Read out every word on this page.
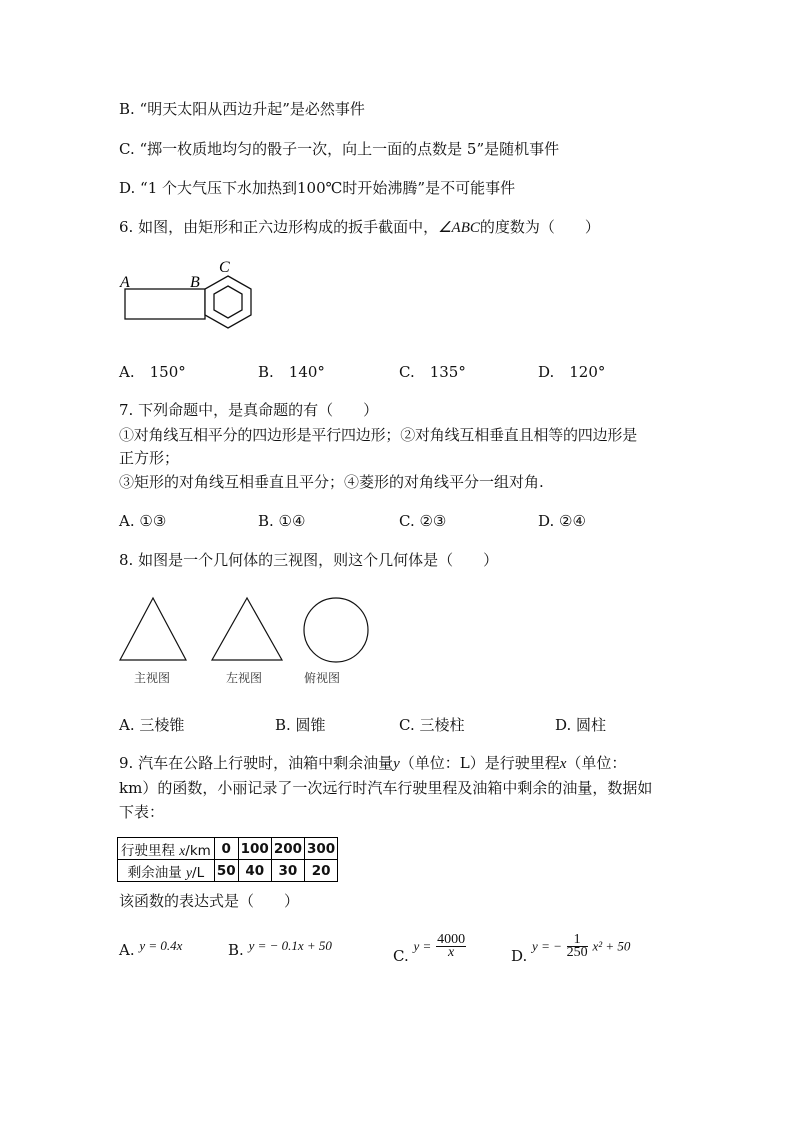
B. “明天太阳从西边升起”是必然事件
C. “掷一枚质地均匀的骰子一次，向上一面的点数是 5”是随机事件
D. “1 个大气压下水加热到100℃时开始沸腾”是不可能事件
6. 如图，由矩形和正六边形构成的扳手截面中，∠ABC的度数为（　　）
A	B
C
A.　150°	B.　140°	C.　135°	D.　120°
7. 下列命题中，是真命题的有（　　）
①对角线互相平分的四边形是平行四边形；②对角线互相垂直且相等的四边形是
正方形；
③矩形的对角线互相垂直且平分；④菱形的对角线平分一组对角.
A. ①③	B. ①④	C. ②③	D. ②④
8. 如图是一个几何体的三视图，则这个几何体是（　　）
主视图	左视图	俯视图
A. 三棱锥	B. 圆锥	C. 三棱柱	D. 圆柱
9. 汽车在公路上行驶时，油箱中剩余油量y（单位：L）是行驶里程x（单位：
km）的函数，小丽记录了一次远行时汽车行驶里程及油箱中剩余的油量，数据如
下表：
行驶里程 x/km	0	100	200	300
剩余油量 y/L	50	40	30	20
该函数的表达式是（　　）
A. y = 0.4x	B. y = − 0.1x + 50
C. $y = \frac{4000}{x}$	D. y = − $\frac{1}{250} x^2 + 50$
